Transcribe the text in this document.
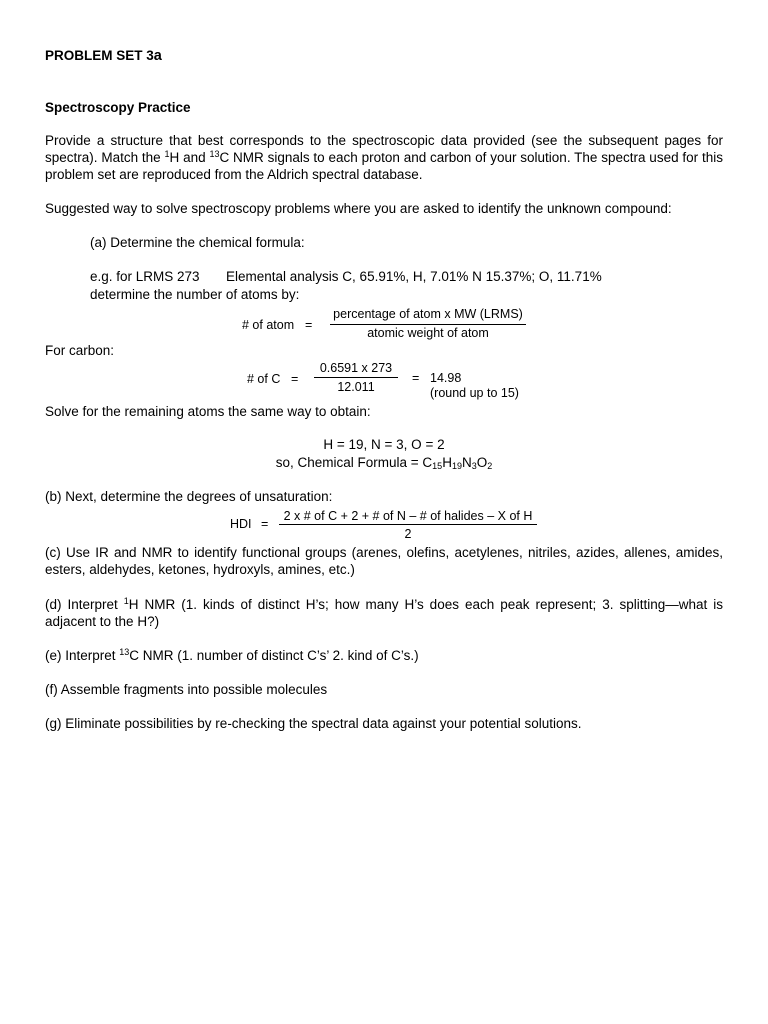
PROBLEM SET 3a
Spectroscopy Practice
Provide a structure that best corresponds to the spectroscopic data provided (see the subsequent pages for spectra). Match the $^1$H and $^{13}$C NMR signals to each proton and carbon of your solution. The spectra used for this problem set are reproduced from the Aldrich spectral database.
Suggested way to solve spectroscopy problems where you are asked to identify the unknown compound:
(a) Determine the chemical formula:
e.g. for LRMS 273 Elemental analysis C, 65.91%, H, 7.01% N 15.37%; O, 11.71%
determine the number of atoms by:
# of atom =
percentage of atom x MW (LRMS)
atomic weight of atom
For carbon:
# of C =
0.6591 x 273
12.011
= 14.98
(round up to 15)
Solve for the remaining atoms the same way to obtain:
H = 19, N = 3, O = 2
so, Chemical Formula = $C_{15}H_{19}N_3O_2$
(b) Next, determine the degrees of unsaturation:
HDI =
2 x # of C + 2 + # of N – # of halides – X of H
2
(c) Use IR and NMR to identify functional groups (arenes, olefins, acetylenes, nitriles, azides, allenes, amides, esters, aldehydes, ketones, hydroxyls, amines, etc.)
(d) Interpret $^1$H NMR (1. kinds of distinct H’s; how many H’s does each peak represent; 3. splitting—what is adjacent to the H?)
(e) Interpret $^{13}$C NMR (1. number of distinct C’s’ 2. kind of C’s.)
(f) Assemble fragments into possible molecules
(g) Eliminate possibilities by re-checking the spectral data against your potential solutions.
